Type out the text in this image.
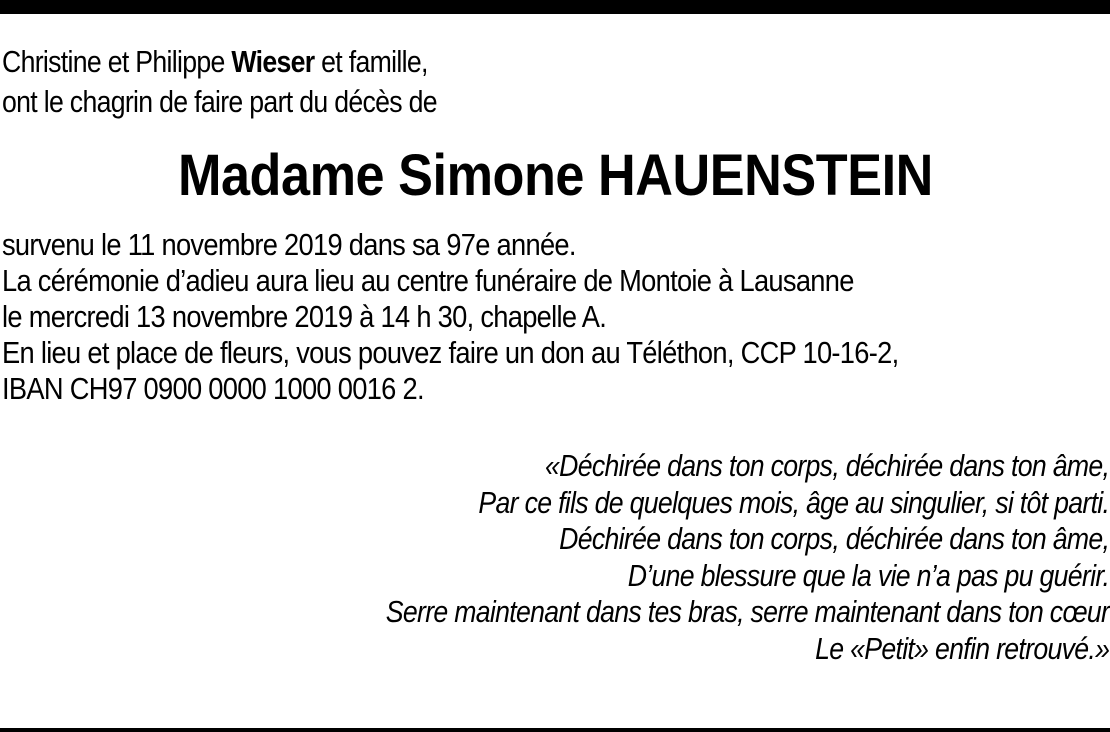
Christine et Philippe Wieser et famille,
ont le chagrin de faire part du décès de
Madame Simone HAUENSTEIN
survenu le 11 novembre 2019 dans sa 97e année.
La cérémonie d’adieu aura lieu au centre funéraire de Montoie à Lausanne
le mercredi 13 novembre 2019 à 14 h 30, chapelle A.
En lieu et place de fleurs, vous pouvez faire un don au Téléthon, CCP 10-16-2,
IBAN CH97 0900 0000 1000 0016 2.
«Déchirée dans ton corps, déchirée dans ton âme,
Par ce fils de quelques mois, âge au singulier, si tôt parti.
Déchirée dans ton corps, déchirée dans ton âme,
D’une blessure que la vie n’a pas pu guérir.
Serre maintenant dans tes bras, serre maintenant dans ton cœur
Le «Petit» enfin retrouvé.»
